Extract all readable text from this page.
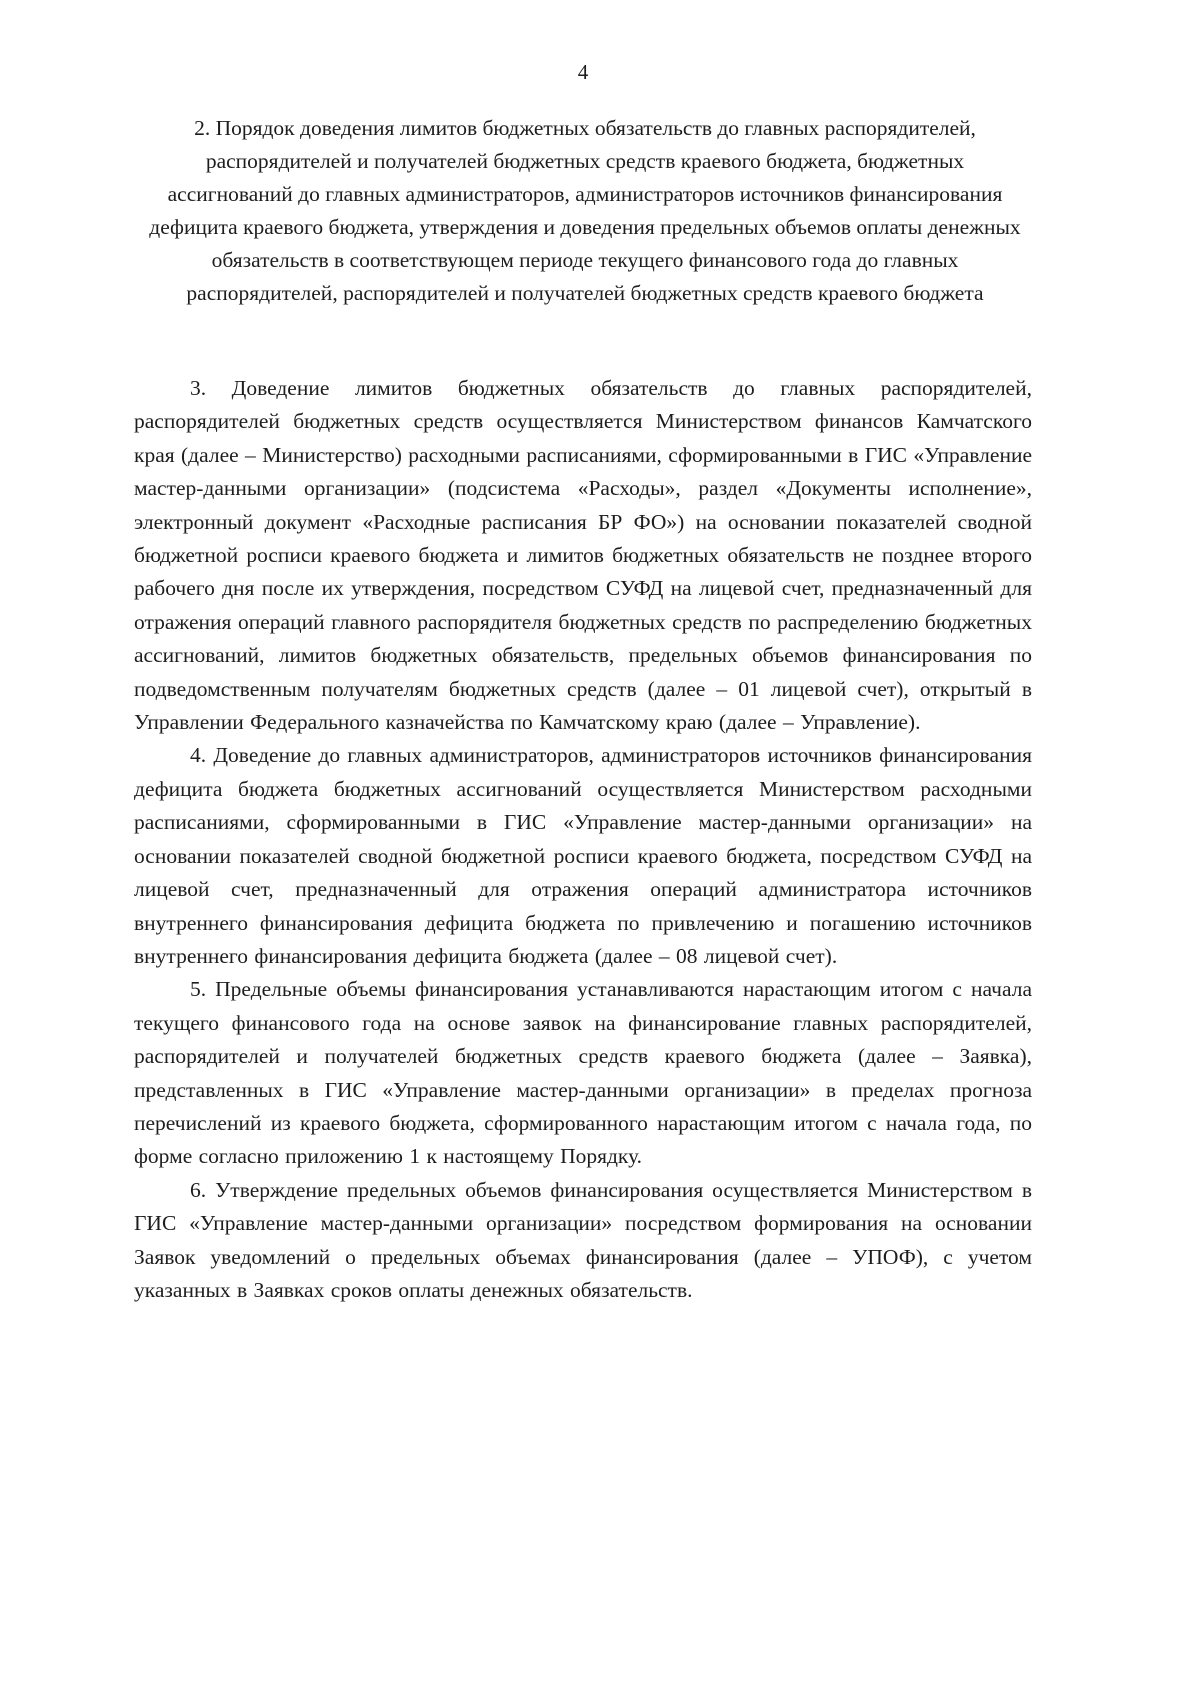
4
2. Порядок доведения лимитов бюджетных обязательств до главных распорядителей, распорядителей и получателей бюджетных средств краевого бюджета, бюджетных ассигнований до главных администраторов, администраторов источников финансирования дефицита краевого бюджета, утверждения и доведения предельных объемов оплаты денежных обязательств в соответствующем периоде текущего финансового года до главных распорядителей, распорядителей и получателей бюджетных средств краевого бюджета

3. Доведение лимитов бюджетных обязательств до главных распорядителей, распорядителей бюджетных средств осуществляется Министерством финансов Камчатского края (далее – Министерство) расходными расписаниями, сформированными в ГИС «Управление мастер-данными организации» (подсистема «Расходы», раздел «Документы исполнение», электронный документ «Расходные расписания БР ФО») на основании показателей сводной бюджетной росписи краевого бюджета и лимитов бюджетных обязательств не позднее второго рабочего дня после их утверждения, посредством СУФД на лицевой счет, предназначенный для отражения операций главного распорядителя бюджетных средств по распределению бюджетных ассигнований, лимитов бюджетных обязательств, предельных объемов финансирования по подведомственным получателям бюджетных средств (далее – 01 лицевой счет), открытый в Управлении Федерального казначейства по Камчатскому краю (далее – Управление).

4. Доведение до главных администраторов, администраторов источников финансирования дефицита бюджета бюджетных ассигнований осуществляется Министерством расходными расписаниями, сформированными в ГИС «Управление мастер-данными организации» на основании показателей сводной бюджетной росписи краевого бюджета, посредством СУФД на лицевой счет, предназначенный для отражения операций администратора источников внутреннего финансирования дефицита бюджета по привлечению и погашению источников внутреннего финансирования дефицита бюджета (далее – 08 лицевой счет).

5. Предельные объемы финансирования устанавливаются нарастающим итогом с начала текущего финансового года на основе заявок на финансирование главных распорядителей, распорядителей и получателей бюджетных средств краевого бюджета (далее – Заявка), представленных в ГИС «Управление мастер-данными организации» в пределах прогноза перечислений из краевого бюджета, сформированного нарастающим итогом с начала года, по форме согласно приложению 1 к настоящему Порядку.

6. Утверждение предельных объемов финансирования осуществляется Министерством в ГИС «Управление мастер-данными организации» посредством формирования на основании Заявок уведомлений о предельных объемах финансирования (далее – УПОФ), с учетом указанных в Заявках сроков оплаты денежных обязательств.
